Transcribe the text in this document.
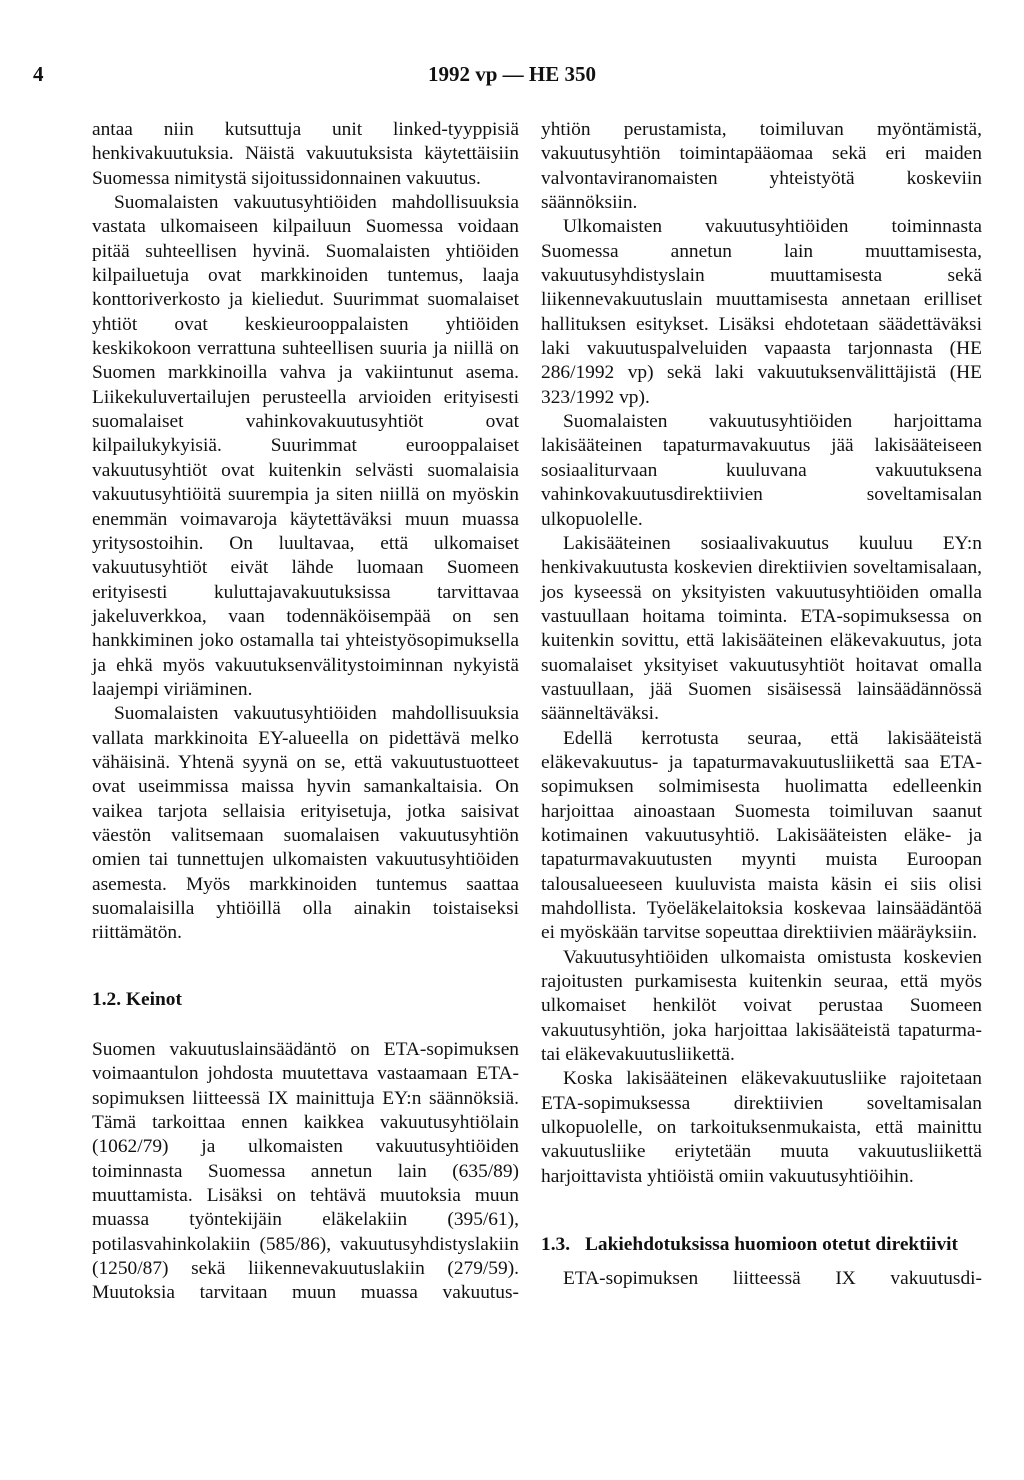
4	1992 vp — HE 350

antaa niin kutsuttuja unit linked-tyyppisiä henkivakuutuksia. Näistä vakuutuksista käytettäisiin Suomessa nimitystä sijoitussidonnainen vakuutus.

Suomalaisten vakuutusyhtiöiden mahdollisuuksia vastata ulkomaiseen kilpailuun Suomessa voidaan pitää suhteellisen hyvinä. Suomalaisten yhtiöiden kilpailuetuja ovat markkinoiden tuntemus, laaja konttoriverkosto ja kieliedut. Suurimmat suomalaiset yhtiöt ovat keskieurooppalaisten yhtiöiden keskikokoon verrattuna suhteellisen suuria ja niillä on Suomen markkinoilla vahva ja vakiintunut asema. Liikekuluvertailujen perusteella arvioiden erityisesti suomalaiset vahinkovakuutusyhtiöt ovat kilpailukykyisiä. Suurimmat eurooppalaiset vakuutusyhtiöt ovat kuitenkin selvästi suomalaisia vakuutusyhtiöitä suurempia ja siten niillä on myöskin enemmän voimavaroja käytettäväksi muun muassa yritysostoihin. On luultavaa, että ulkomaiset vakuutusyhtiöt eivät lähde luomaan Suomeen erityisesti kuluttajavakuutuksissa tarvittavaa jakeluverkkoa, vaan todennäköisempää on sen hankkiminen joko ostamalla tai yhteistyösopimuksella ja ehkä myös vakuutuksenvälitystoiminnan nykyistä laajempi viriäminen.

Suomalaisten vakuutusyhtiöiden mahdollisuuksia vallata markkinoita EY-alueella on pidettävä melko vähäisinä. Yhtenä syynä on se, että vakuutustuotteet ovat useimmissa maissa hyvin samankaltaisia. On vaikea tarjota sellaisia erityisetuja, jotka saisivat väestön valitsemaan suomalaisen vakuutusyhtiön omien tai tunnettujen ulkomaisten vakuutusyhtiöiden asemesta. Myös markkinoiden tuntemus saattaa suomalaisilla yhtiöillä olla ainakin toistaiseksi riittämätön.

1.2. Keinot

Suomen vakuutuslainsäädäntö on ETA-sopimuksen voimaantulon johdosta muutettava vastaamaan ETA-sopimuksen liitteessä IX mainittuja EY:n säännöksiä. Tämä tarkoittaa ennen kaikkea vakuutusyhtiölain (1062/79) ja ulkomaisten vakuutusyhtiöiden toiminnasta Suomessa annetun lain (635/89) muuttamista. Lisäksi on tehtävä muutoksia muun muassa työntekijäin eläkelakiin (395/61), potilasvahinkolakiin (585/86), vakuutusyhdistyslakiin (1250/87) sekä liikennevakuutuslakiin (279/59). Muutoksia tarvitaan muun muassa vakuutus-

yhtiön perustamista, toimiluvan myöntämistä, vakuutusyhtiön toimintapääomaa sekä eri maiden valvontaviranomaisten yhteistyötä koskeviin säännöksiin.

Ulkomaisten vakuutusyhtiöiden toiminnasta Suomessa annetun lain muuttamisesta, vakuutusyhdistyslain muuttamisesta sekä liikennevakuutuslain muuttamisesta annetaan erilliset hallituksen esitykset. Lisäksi ehdotetaan säädettäväksi laki vakuutuspalveluiden vapaasta tarjonnasta (HE 286/1992 vp) sekä laki vakuutuksenvälittäjistä (HE 323/1992 vp).

Suomalaisten vakuutusyhtiöiden harjoittama lakisääteinen tapaturmavakuutus jää lakisääteiseen sosiaaliturvaan kuuluvana vakuutuksena vahinkovakuutusdirektiivien soveltamisalan ulkopuolelle.

Lakisääteinen sosiaalivakuutus kuuluu EY:n henkivakuutusta koskevien direktiivien soveltamisalaan, jos kyseessä on yksityisten vakuutusyhtiöiden omalla vastuullaan hoitama toiminta. ETA-sopimuksessa on kuitenkin sovittu, että lakisääteinen eläkevakuutus, jota suomalaiset yksityiset vakuutusyhtiöt hoitavat omalla vastuullaan, jää Suomen sisäisessä lainsäädännössä säänneltäväksi.

Edellä kerrotusta seuraa, että lakisääteistä eläkevakuutus- ja tapaturmavakuutusliikettä saa ETA-sopimuksen solmimisesta huolimatta edelleenkin harjoittaa ainoastaan Suomesta toimiluvan saanut kotimainen vakuutusyhtiö. Lakisääteisten eläke- ja tapaturmavakuutusten myynti muista Euroopan talousalueeseen kuuluvista maista käsin ei siis olisi mahdollista. Työeläkelaitoksia koskevaa lainsäädäntöä ei myöskään tarvitse sopeuttaa direktiivien määräyksiin.

Vakuutusyhtiöiden ulkomaista omistusta koskevien rajoitusten purkamisesta kuitenkin seuraa, että myös ulkomaiset henkilöt voivat perustaa Suomeen vakuutusyhtiön, joka harjoittaa lakisääteistä tapaturma- tai eläkevakuutusliikettä.

Koska lakisääteinen eläkevakuutusliike rajoitetaan ETA-sopimuksessa direktiivien soveltamisalan ulkopuolelle, on tarkoituksenmukaista, että mainittu vakuutusliike eriytetään muuta vakuutusliikettä harjoittavista yhtiöistä omiin vakuutusyhtiöihin.

1.3. Lakiehdotuksissa huomioon otetut direktiivit

ETA-sopimuksen liitteessä IX vakuutusdi-
